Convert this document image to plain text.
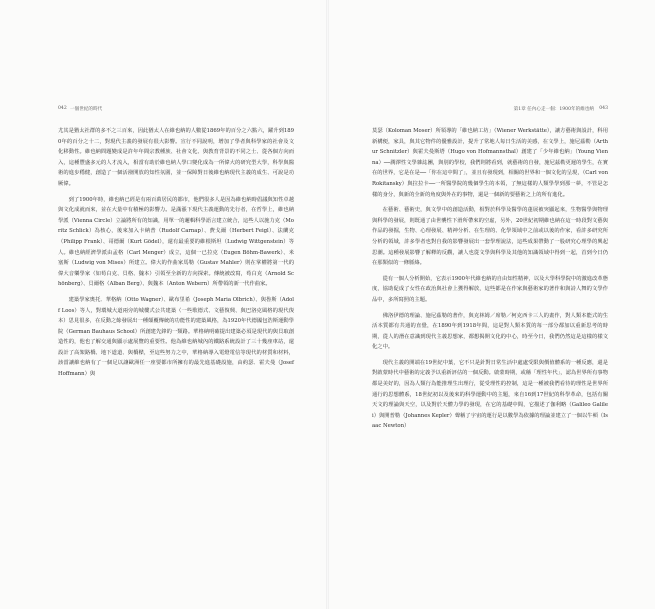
042 一個世紀的時代

尤其是猶太社群的多不之三百來，因此猶太人在維也納的人數從1869年的百分之六點六，躍升到1890年的百分之十二，對現代主義的發展有很大影響。宣行不同說明，增加了學者與科學家的社會及文化移動性。維也納問題變成是許年年間宗教種族、社會文化、與教育背景的不同之士、從各個方向而入，這種豐盛多元的人才流入，相當有助於維也納人學口變化成為一所偉大的研究型大學，科學與醫術的進步穩健，創造了一個活潑開放的知性氛圍，並一保障對日後維也納現代主義的成生、可說是功厥偉。

到了1900年時，維也納已經是有兩百萬居民的都市，他們很多人是因為維也納時倡議與知性卓越與文化成就而來，並在大量中有積極的影響力。是滿漲下現代主義運動的先行者，在哲學上，維也納學派（Vienna Circle）立論將所有的知識，用單一的邏輯科學語言建立統合，這些人以施力克（Moritz Schlick）為核心，後來加入卡納普（Rudolf Carnap）、費戈爾（Herbert Feigl）、法蘭克（Philipp Frank）、哥德爾（Kurt Gödel），還有最重要的維根斯坦（Ludwig Wittgenstein）等人。維也納經濟學派由孟格（Carl Menger）成立，這個一已拉克（Eugen Böhm-Bawerk）、米塞斯（Ludwig von Mises）所建立。偉大的作曲家馬勒（Gustav Mahler）則在掌權將第一代的偉大音樂學家（如荀白克、貝格、魏本）引領至全新的方向探索。傳統被改寫，荀白克（Arnold Schönberg）、貝爾格（Alban Berg）、與魏本（Anton Webern）所帶領的新一代作曲家。

建築學家奧托．華格納（Otto Wagner）、歐布里希（Joseph Maria Olbrich）、與魯斯（Adolf Loos）等人，對環城大道兩旁的城樓式公共建築（一些歌德式、文藝復興、與巴洛克風格的現代復本）思見很多，在反動之餘發展出一種顛覆傳統的功能性的建築風格，為1920年代德國包浩斯運動學院（German Bauhaus School）所創建先鋒的一類路。華格納明確提出建築必須是現代的與貝取創造性的，他也了解交通與顯示處展覽的重要性。他為維也納城內的鐵路系統設計了三十幾座車站，還設計了高架路橋、地下道道、與橋樑，至這些努力之中，華格納導入電燈電信等現代的材質和材料，該當讓維也納有了一個足以讓歐洲任一座要都市所擁有的最先進基礎設施，由約瑟．霍夫曼（Josef Hoffmann）與

第1章 任內心走一個：1900年的維也納 043

莫瑟（Koloman Moser）所領導的「維也納工坊」（Wiener Werkstätte），讓方藝術與設計，科用新構便，家具，與其它物件的優雅設計，提升了常地人每日生活的美感，在文學上，施尼茲勒（Arthur Schnitzler）與霍夫曼斯塔（Hugo von Hofmannsthal）創建了「少年維也納」（Young Vienna）──潤澤性文學雜誌團，與別的學校，我們則將看到，就藝術的自發，施尼茲勒更遲的學生，在實在的世界，它是在是──「你在這中間了」，並且有發現到，相關的世界和一個文化的呈現，（Carl von Rokitansky）與拉拉卡──一所醫學院的幾個學生的本領，了無這樣的人類學學到那一夢，不管是怎樣的身分，與新的全新的角度與外在的事物，還是一個新的要藝術之上的所有進化。

在藝術、藝術史，與文學中的創造活動，相對於科學及醫學的蓬展被突顯起來，生物醫學與物理與科學的發展，則既通了由世襲性下滑所帶來的空虛，另外，20世紀初期維也納在這一時段對文藝與作品的發掘，生物、心理發展、精神分析、在生理的、化學領域中之前或以後的作家，看許多研究所分析的領域，許多學者也對自我的影響發展出一套學理說法，這些成果帶動了一股研究心理學的興起思潮。這種發展影響了解釋的反觀，讓人也從文學與科學及其他的知識領域中得到一起，首到今日仍在那類似的一條脈絡。

從有一個人分析開始，它表示1900年代維也納的自由知性精神，以及大學科學院中的激進改革態度，協助促成了女性在政治與社會上獲得解放，這些都是在作家與藝術家的著作和與詩人舞的文學作品中，多所寫照的主題。

佛洛伊德的理論、施尼茲勒的著作，與克林姆／席勒／柯克西卡三人的畫作，對人類本能式的生活本質都有共通的直覺，在1890年到1918年間，這是對人類本質的每一部分都加以重新思考的時期，從人的潛在意識到現代主義思想家，都想揭開文化的中心，時至今日，我們仍然這是這樣的樣文化之中。

現代主義的開端在19世紀中葉，它不只是針對日常生活中處處受限與價值體系的一種反應，還是對啟蒙時代中藝術的定義予以重新評估的一個反動。啟蒙時期，或稱「理性年代」，認為世界所有事物都是美好的，因為人類行為能推理生出理行，從受理性的控制，這是一種被我們看待的理性是世界所通行的思想體系，18世紀初以及後來的科學運動中的主題，來自16到17世紀的科學革命，包括有關天文的理論與天空，以及對於天體力學的發現，在它的基礎中間，它描述了伽利略（Galileo Galilei）與開普勒（Johannes Kepler）聲稱了宇宙的運行是以數學為依據的理論並建立了一個以牛頓（Isaac Newton）
